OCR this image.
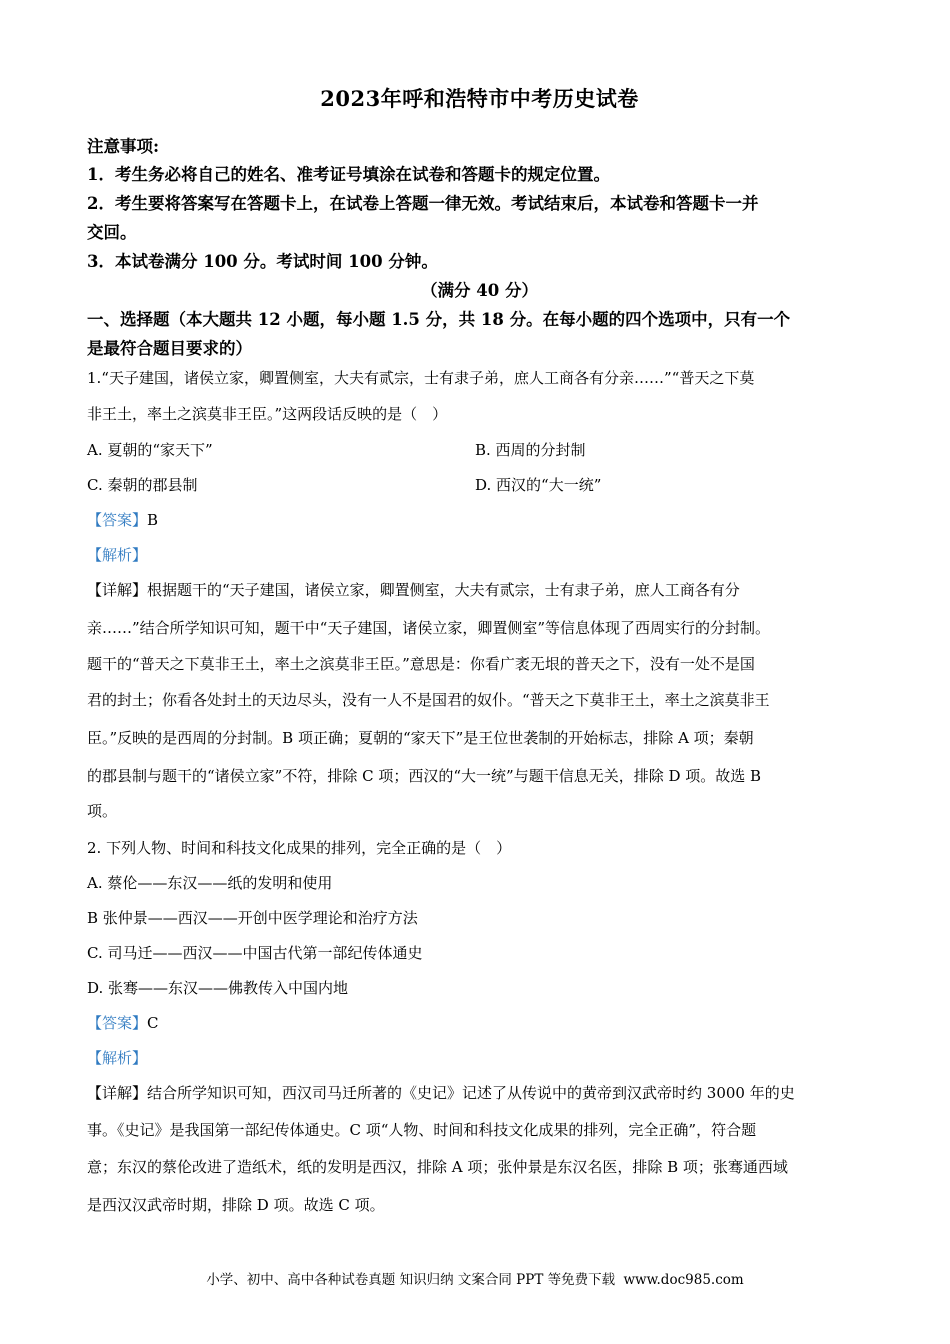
2023年呼和浩特市中考历史试卷
注意事项:
1．考生务必将自己的姓名、准考证号填涂在试卷和答题卡的规定位置。
2．考生要将答案写在答题卡上，在试卷上答题一律无效。考试结束后，本试卷和答题卡一并
交回。
3．本试卷满分 100 分。考试时间 100 分钟。
（满分 40 分）
一、选择题（本大题共 12 小题，每小题 1.5 分，共 18 分。在每小题的四个选项中，只有一个
是最符合题目要求的）
1.“天子建国，诸侯立家，卿置侧室，大夫有贰宗，士有隶子弟，庶人工商各有分亲……”“普天之下莫
非王土，率土之滨莫非王臣。”这两段话反映的是（　）
A. 夏朝的“家天下”	B. 西周的分封制
C. 秦朝的郡县制	D. 西汉的“大一统”
【答案】B
【解析】
【详解】根据题干的“天子建国，诸侯立家，卿置侧室，大夫有贰宗，士有隶子弟，庶人工商各有分
亲……”结合所学知识可知，题干中“天子建国，诸侯立家，卿置侧室”等信息体现了西周实行的分封制。
题干的“普天之下莫非王土，率土之滨莫非王臣。”意思是：你看广袤无垠的普天之下，没有一处不是国
君的封土；你看各处封土的天边尽头，没有一人不是国君的奴仆。“普天之下莫非王土，率土之滨莫非王
臣。”反映的是西周的分封制。B 项正确；夏朝的“家天下”是王位世袭制的开始标志，排除 A 项；秦朝
的郡县制与题干的“诸侯立家”不符，排除 C 项；西汉的“大一统”与题干信息无关，排除 D 项。故选 B
项。
2. 下列人物、时间和科技文化成果的排列，完全正确的是（　）
A. 蔡伦——东汉——纸的发明和使用
B 张仲景——西汉——开创中医学理论和治疗方法
C. 司马迁——西汉——中国古代第一部纪传体通史
D. 张骞——东汉——佛教传入中国内地
【答案】C
【解析】
【详解】结合所学知识可知，西汉司马迁所著的《史记》记述了从传说中的黄帝到汉武帝时约 3000 年的史
事。《史记》是我国第一部纪传体通史。C 项“人物、时间和科技文化成果的排列，完全正确”，符合题
意；东汉的蔡伦改进了造纸术，纸的发明是西汉，排除 A 项；张仲景是东汉名医，排除 B 项；张骞通西域
是西汉汉武帝时期，排除 D 项。故选 C 项。
小学、初中、高中各种试卷真题 知识归纳 文案合同 PPT 等免费下载 www.doc985.com
